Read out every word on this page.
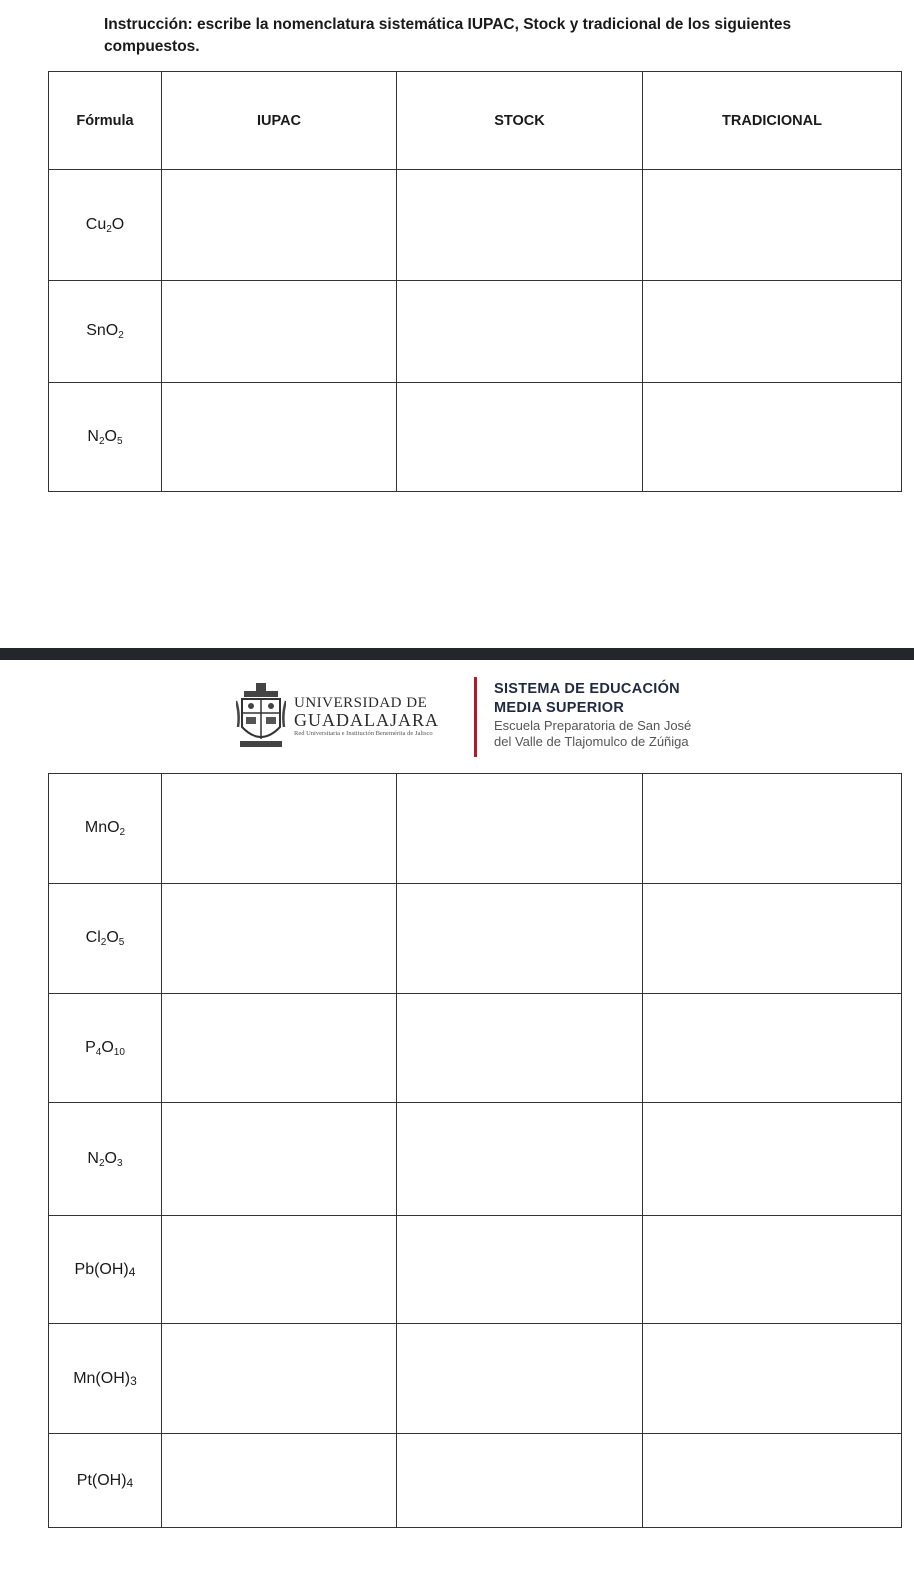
Instrucción: escribe la nomenclatura sistemática IUPAC, Stock y tradicional de los siguientes compuestos.
Fórmula	IUPAC	STOCK	TRADICIONAL
$Cu_2O$			
SnO$_2$			
$N_2O_5$			
UNIVERSIDAD DE
GUADALAJARA
Red Universitaria e Institución Benemérita de Jalisco
SISTEMA DE EDUCACIÓN
MEDIA SUPERIOR
Escuela Preparatoria de San José
del Valle de Tlajomulco de Zúñiga
MnO$_2$			
$Cl_2O_5$			
$P_4O_{10}$			
$N_2O_3$			
Pb(OH)4			
Mn(OH)3			
Pt(OH)4			
